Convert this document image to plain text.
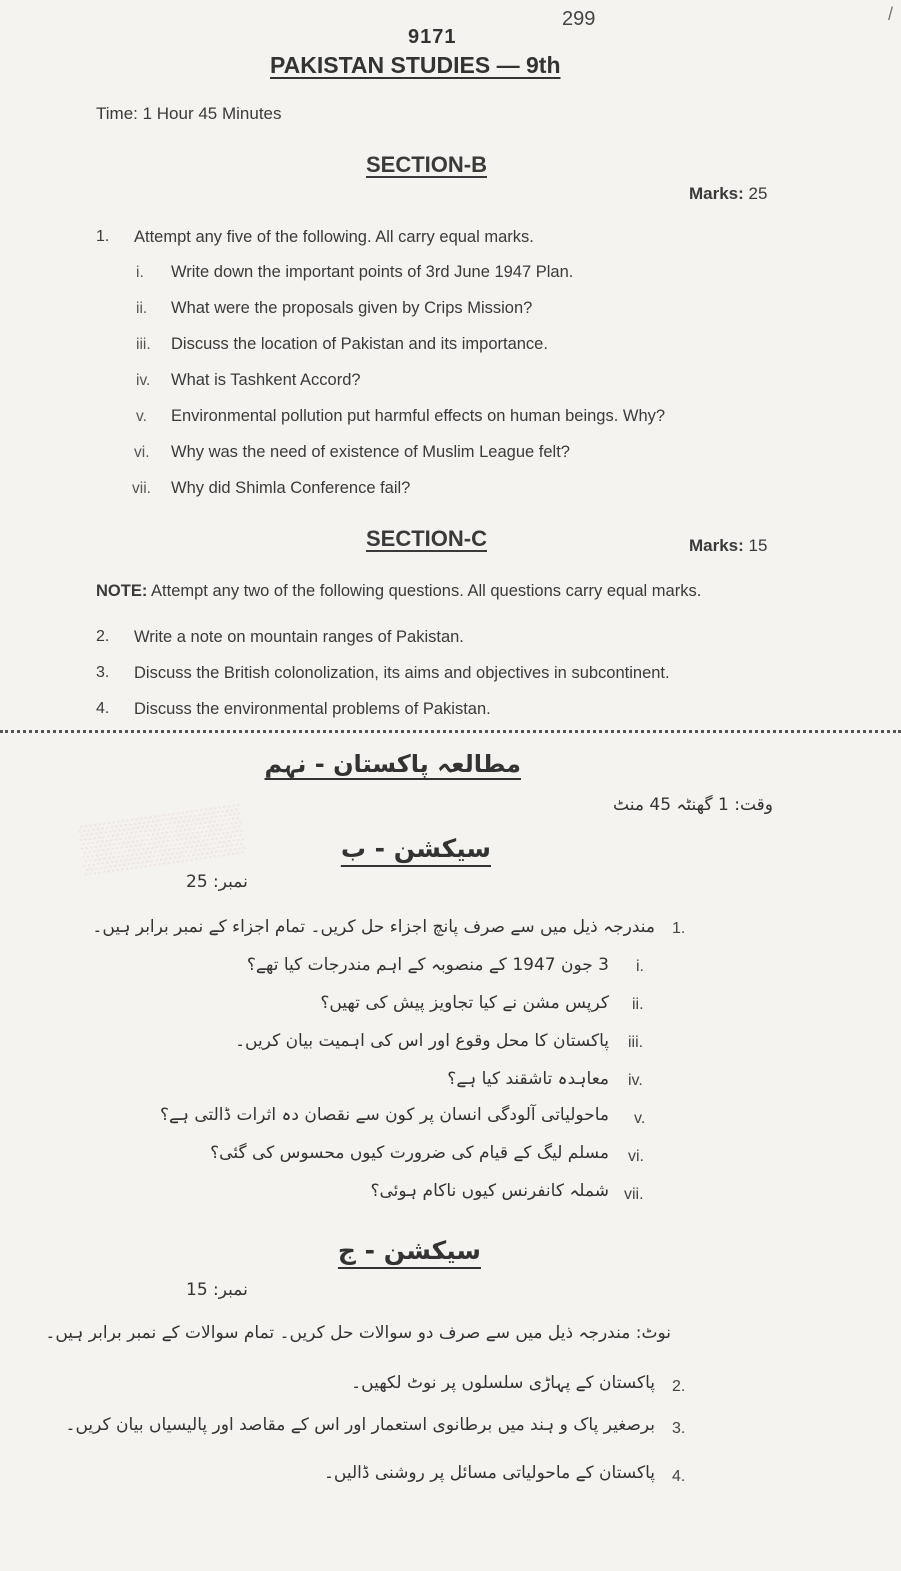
/
299
9171
PAKISTAN STUDIES — 9th
Time: 1 Hour 45 Minutes
SECTION-B
Marks: 25
1. Attempt any five of the following. All carry equal marks.
i. Write down the important points of 3rd June 1947 Plan.
ii. What were the proposals given by Crips Mission?
iii. Discuss the location of Pakistan and its importance.
iv. What is Tashkent Accord?
v. Environmental pollution put harmful effects on human beings. Why?
vi. Why was the need of existence of Muslim League felt?
vii. Why did Shimla Conference fail?
SECTION-C	Marks: 15
NOTE: Attempt any two of the following questions. All questions carry equal marks.
2. Write a note on mountain ranges of Pakistan.
3. Discuss the British colonolization, its aims and objectives in subcontinent.
4. Discuss the environmental problems of Pakistan.
▒▒▒▒▒
مطالعہ پاکستان - نہم
وقت: 1 گھنٹہ 45 منٹ
سیکشن - ب
نمبر: 25
1.
مندرجہ ذیل میں سے صرف پانچ اجزاء حل کریں۔ تمام اجزاء کے نمبر برابر ہیں۔
i.
3 جون 1947 کے منصوبہ کے اہم مندرجات کیا تھے؟
ii.
کرپس مشن نے کیا تجاویز پیش کی تھیں؟
iii.
پاکستان کا محل وقوع اور اس کی اہمیت بیان کریں۔
iv.
معاہدہ تاشقند کیا ہے؟
v.
ماحولیاتی آلودگی انسان پر کون سے نقصان دہ اثرات ڈالتی ہے؟
vi.
مسلم لیگ کے قیام کی ضرورت کیوں محسوس کی گئی؟
vii.
شملہ کانفرنس کیوں ناکام ہوئی؟
سیکشن - ج
نمبر: 15
نوٹ: مندرجہ ذیل میں سے صرف دو سوالات حل کریں۔ تمام سوالات کے نمبر برابر ہیں۔
2.
پاکستان کے پہاڑی سلسلوں پر نوٹ لکھیں۔
3.
برصغیر پاک و ہند میں برطانوی استعمار اور اس کے مقاصد اور پالیسیاں بیان کریں۔
4.
پاکستان کے ماحولیاتی مسائل پر روشنی ڈالیں۔
